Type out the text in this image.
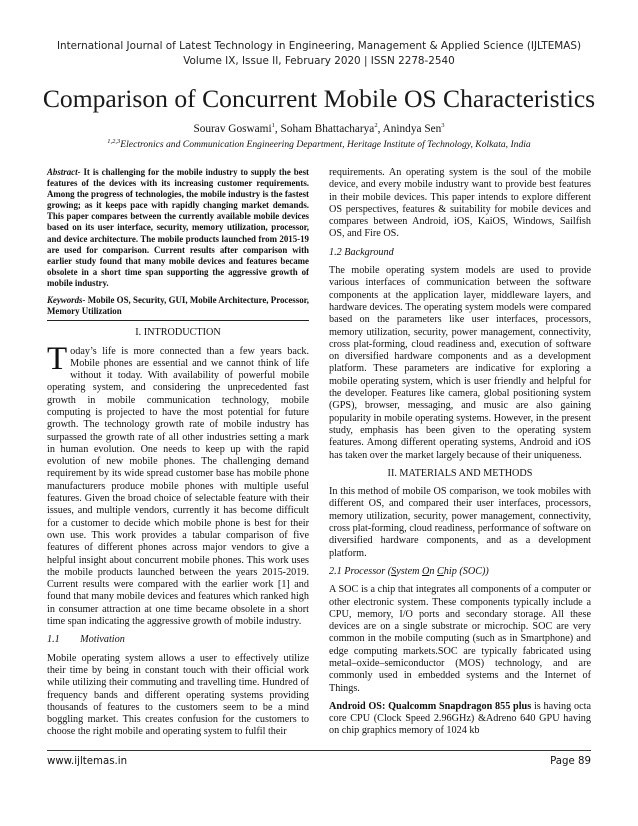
International Journal of Latest Technology in Engineering, Management & Applied Science (IJLTEMAS)
Volume IX, Issue II, February 2020 | ISSN 2278-2540
Comparison of Concurrent Mobile OS Characteristics
Sourav Goswami$^1$, Soham Bhattacharya$^2$, Anindya Sen$^3$
$^{1,2,3}$Electronics and Communication Engineering Department, Heritage Institute of Technology, Kolkata, India

Abstract- It is challenging for the mobile industry to supply the best features of the devices with its increasing customer requirements. Among the progress of technologies, the mobile industry is the fastest growing; as it keeps pace with rapidly changing market demands. This paper compares between the currently available mobile devices based on its user interface, security, memory utilization, processor, and device architecture. The mobile products launched from 2015-19 are used for comparison. Current results after comparison with earlier study found that many mobile devices and features became obsolete in a short time span supporting the aggressive growth of mobile industry.

Keywords- Mobile OS, Security, GUI, Mobile Architecture, Processor, Memory Utilization

I. INTRODUCTION

Today’s life is more connected than a few years back. Mobile phones are essential and we cannot think of life without it today. With availability of powerful mobile operating system, and considering the unprecedented fast growth in mobile communication technology, mobile computing is projected to have the most potential for future growth. The technology growth rate of mobile industry has surpassed the growth rate of all other industries setting a mark in human evolution. One needs to keep up with the rapid evolution of new mobile phones. The challenging demand requirement by its wide spread customer base has mobile phone manufacturers produce mobile phones with multiple useful features. Given the broad choice of selectable feature with their issues, and multiple vendors, currently it has become difficult for a customer to decide which mobile phone is best for their own use. This work provides a tabular comparison of five features of different phones across major vendors to give a helpful insight about concurrent mobile phones. This work uses the mobile products launched between the years 2015-2019. Current results were compared with the earlier work [1] and found that many mobile devices and features which ranked high in consumer attraction at one time became obsolete in a short time span indicating the aggressive growth of mobile industry.

1.1        Motivation

Mobile operating system allows a user to effectively utilize their time by being in constant touch with their official work while utilizing their commuting and travelling time. Hundred of frequency bands and different operating systems providing thousands of features to the customers seem to be a mind boggling market. This creates confusion for the customers to choose the right mobile and operating system to fulfil their

requirements. An operating system is the soul of the mobile device, and every mobile industry want to provide best features in their mobile devices. This paper intends to explore different OS perspectives, features & suitability for mobile devices and compares between Android, iOS, KaiOS, Windows, Sailfish OS, and Fire OS.

1.2 Background

The mobile operating system models are used to provide various interfaces of communication between the software components at the application layer, middleware layers, and hardware devices. The operating system models were compared based on the parameters like user interfaces, processors, memory utilization, security, power management, connectivity, cross plat-forming, cloud readiness and, execution of software on diversified hardware components and as a development platform. These parameters are indicative for exploring a mobile operating system, which is user friendly and helpful for the developer. Features like camera, global positioning system (GPS), browser, messaging, and music are also gaining popularity in mobile operating systems. However, in the present study, emphasis has been given to the operating system features. Among different operating systems, Android and iOS has taken over the market largely because of their uniqueness.

II. MATERIALS AND METHODS

In this method of mobile OS comparison, we took mobiles with different OS, and compared their user interfaces, processors, memory utilization, security, power management, connectivity, cross plat-forming, cloud readiness, performance of software on diversified hardware components, and as a development platform.

2.1 Processor (System On Chip (SOC))

A SOC is a chip that integrates all components of a computer or other electronic system. These components typically include a CPU, memory, I/O ports and secondary storage. All these devices are on a single substrate or microchip. SOC are very common in the mobile computing (such as in Smartphone) and edge computing markets.SOC are typically fabricated using metal–oxide–semiconductor (MOS) technology, and are commonly used in embedded systems and the Internet of Things.

Android OS: Qualcomm Snapdragon 855 plus is having octa core CPU (Clock Speed 2.96GHz) &Adreno 640 GPU having on chip graphics memory of 1024 kb

www.ijltemas.in	Page 89
